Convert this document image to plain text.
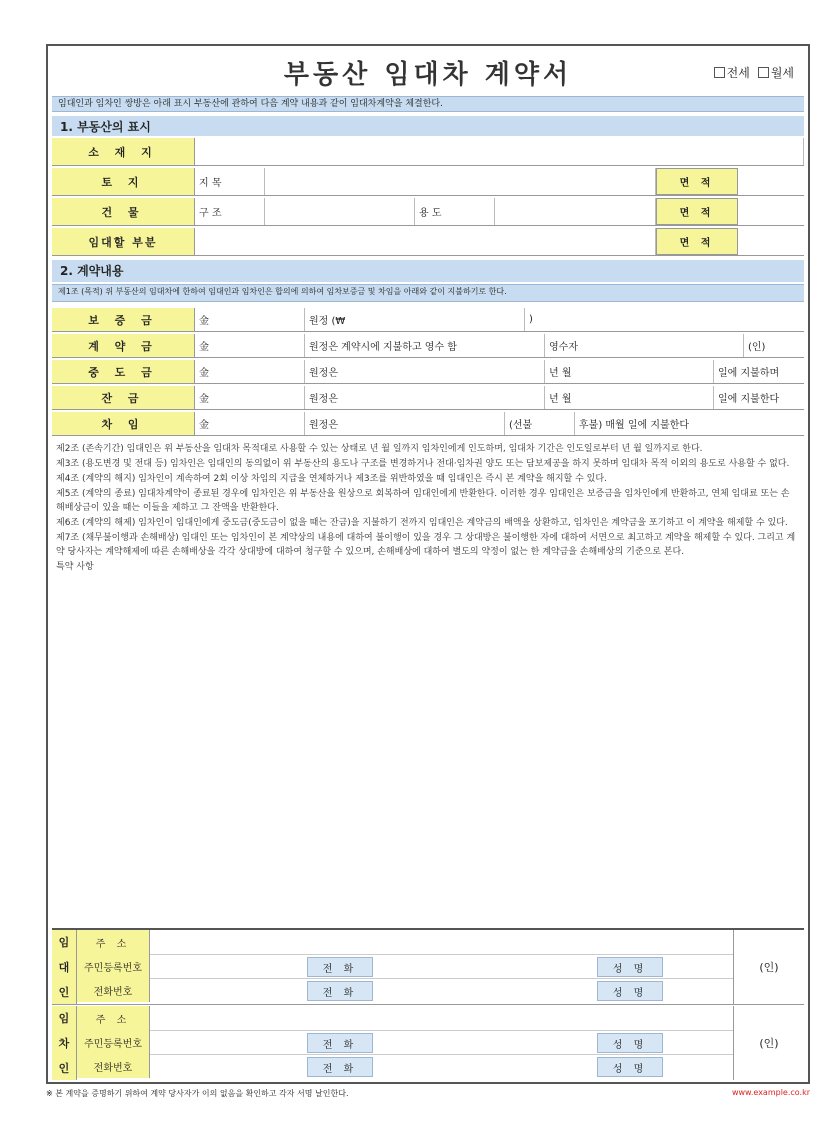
부동산 임대차 계약서	전세 월세
임대인과 임차인 쌍방은 아래 표시 부동산에 관하여 다음 계약 내용과 같이 임대차계약을 체결한다.
1. 부동산의 표시
소 재 지
토 지	지 목	면 적
건 물	구 조	용 도	면 적
임대할 부분	면 적
2. 계약내용
제1조 (목적) 위 부동산의 임대차에 한하여 임대인과 임차인은 합의에 의하여 임차보증금 및 차임을 아래와 같이 지불하기로 한다.
보 증 금	金	원정 (₩	)
계 약 금	金	원정은 계약시에 지불하고 영수 함	영수자	(인)
중 도 금	金	원정은	년 월	일에 지불하며
잔 금	金	원정은	년 월	일에 지불한다
차 임	金	원정은	(선불	후불) 매월 일에 지불한다

제2조 (존속기간) 임대인은 위 부동산을 임대차 목적대로 사용할 수 있는 상태로 년 월 일까지 임차인에게 인도하며, 임대차 기간은 인도일로부터 년 월 일까지로 한다.

제3조 (용도변경 및 전대 등) 임차인은 임대인의 동의없이 위 부동산의 용도나 구조를 변경하거나 전대·임차권 양도 또는 담보제공을 하지 못하며 임대차 목적 이외의 용도로 사용할 수 없다.

제4조 (계약의 해지) 임차인이 계속하여 2회 이상 차임의 지급을 연체하거나 제3조를 위반하였을 때 임대인은 즉시 본 계약을 해지할 수 있다.

제5조 (계약의 종료) 임대차계약이 종료된 경우에 임차인은 위 부동산을 원상으로 회복하여 임대인에게 반환한다. 이러한 경우 임대인은 보증금을 임차인에게 반환하고, 연체 임대료 또는 손해배상금이 있을 때는 이들을 제하고 그 잔액을 반환한다.

제6조 (계약의 해제) 임차인이 임대인에게 중도금(중도금이 없을 때는 잔금)을 지불하기 전까지 임대인은 계약금의 배액을 상환하고, 임차인은 계약금을 포기하고 이 계약을 해제할 수 있다.

제7조 (채무불이행과 손해배상) 임대인 또는 임차인이 본 계약상의 내용에 대하여 불이행이 있을 경우 그 상대방은 불이행한 자에 대하여 서면으로 최고하고 계약을 해제할 수 있다. 그리고 계약 당사자는 계약해제에 따른 손해배상을 각각 상대방에 대하여 청구할 수 있으며, 손해배상에 대하여 별도의 약정이 없는 한 계약금을 손해배상의 기준으로 본다.

특약 사항

임
대
인
주 소
주민등록번호	전 화	성 명
전화번호	전 화	성 명
(인)
임
차
인
주 소
주민등록번호	전 화	성 명
전화번호	전 화	성 명
(인)
※ 본 계약을 증명하기 위하여 계약 당사자가 이의 없음을 확인하고 각자 서명 날인한다.	www.example.co.kr
